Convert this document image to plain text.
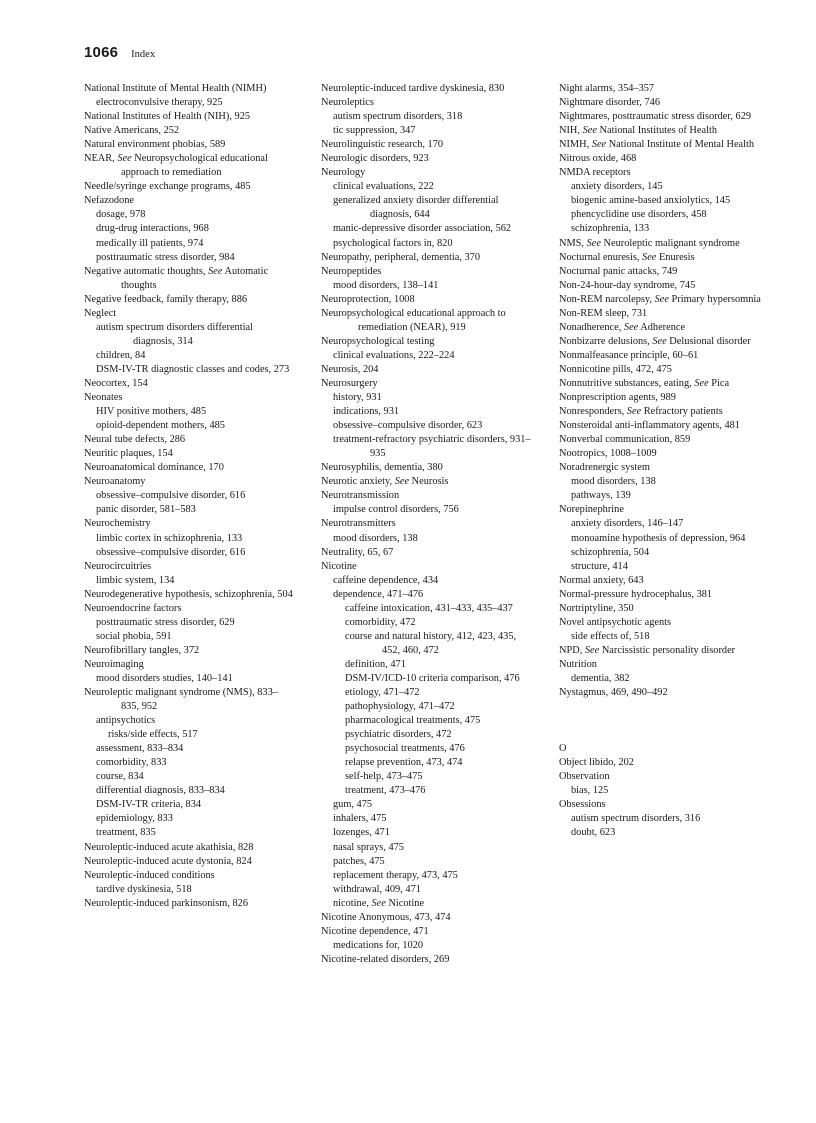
1066 Index
National Institute of Mental Health (NIMH)
electroconvulsive therapy, 925
National Institutes of Health (NIH), 925
Native Americans, 252
Natural environment phobias, 589
NEAR, See Neuropsychological educational approach to remediation
Needle/syringe exchange programs, 485
Nefazodone
dosage, 978
drug-drug interactions, 968
medically ill patients, 974
posttraumatic stress disorder, 984
Negative automatic thoughts, See Automatic thoughts
Negative feedback, family therapy, 886
Neglect
autism spectrum disorders differential diagnosis, 314
children, 84
DSM-IV-TR diagnostic classes and codes, 273
Neocortex, 154
Neonates
HIV positive mothers, 485
opioid-dependent mothers, 485
Neural tube defects, 286
Neuritic plaques, 154
Neuroanatomical dominance, 170
Neuroanatomy
obsessive–compulsive disorder, 616
panic disorder, 581–583
Neurochemistry
limbic cortex in schizophrenia, 133
obsessive–compulsive disorder, 616
Neurocircuitries
limbic system, 134
Neurodegenerative hypothesis, schizophrenia, 504
Neuroendocrine factors
posttraumatic stress disorder, 629
social phobia, 591
Neurofibrillary tangles, 372
Neuroimaging
mood disorders studies, 140–141
Neuroleptic malignant syndrome (NMS), 833–835, 952
antipsychotics
risks/side effects, 517
assessment, 833–834
comorbidity, 833
course, 834
differential diagnosis, 833–834
DSM-IV-TR criteria, 834
epidemiology, 833
treatment, 835
Neuroleptic-induced acute akathisia, 828
Neuroleptic-induced acute dystonia, 824
Neuroleptic-induced conditions
tardive dyskinesia, 518
Neuroleptic-induced parkinsonism, 826
Neuroleptic-induced tardive dyskinesia, 830
Neuroleptics
autism spectrum disorders, 318
tic suppression, 347
Neurolinguistic research, 170
Neurologic disorders, 923
Neurology
clinical evaluations, 222
generalized anxiety disorder differential diagnosis, 644
manic-depressive disorder association, 562
psychological factors in, 820
Neuropathy, peripheral, dementia, 370
Neuropeptides
mood disorders, 138–141
Neuroprotection, 1008
Neuropsychological educational approach to remediation (NEAR), 919
Neuropsychological testing
clinical evaluations, 222–224
Neurosis, 204
Neurosurgery
history, 931
indications, 931
obsessive–compulsive disorder, 623
treatment-refractory psychiatric disorders, 931–935
Neurosyphilis, dementia, 380
Neurotic anxiety, See Neurosis
Neurotransmission
impulse control disorders, 756
Neurotransmitters
mood disorders, 138
Neutrality, 65, 67
Nicotine
caffeine dependence, 434
dependence, 471–476
caffeine intoxication, 431–433, 435–437
comorbidity, 472
course and natural history, 412, 423, 435, 452, 460, 472
definition, 471
DSM-IV/ICD-10 criteria comparison, 476
etiology, 471–472
pathophysiology, 471–472
pharmacological treatments, 475
psychiatric disorders, 472
psychosocial treatments, 476
relapse prevention, 473, 474
self-help, 473–475
treatment, 473–476
gum, 475
inhalers, 475
lozenges, 471
nasal sprays, 475
patches, 475
replacement therapy, 473, 475
withdrawal, 409, 471
nicotine, See Nicotine
Nicotine Anonymous, 473, 474
Nicotine dependence, 471
medications for, 1020
Nicotine-related disorders, 269
Night alarms, 354–357
Nightmare disorder, 746
Nightmares, posttraumatic stress disorder, 629
NIH, See National Institutes of Health
NIMH, See National Institute of Mental Health
Nitrous oxide, 468
NMDA receptors
anxiety disorders, 145
biogenic amine-based anxiolytics, 145
phencyclidine use disorders, 458
schizophrenia, 133
NMS, See Neuroleptic malignant syndrome
Nocturnal enuresis, See Enuresis
Nocturnal panic attacks, 749
Non-24-hour-day syndrome, 745
Non-REM narcolepsy, See Primary hypersomnia
Non-REM sleep, 731
Nonadherence, See Adherence
Nonbizarre delusions, See Delusional disorder
Nonmalfeasance principle, 60–61
Nonnicotine pills, 472, 475
Nonnutritive substances, eating, See Pica
Nonprescription agents, 989
Nonresponders, See Refractory patients
Nonsteroidal anti-inflammatory agents, 481
Nonverbal communication, 859
Nootropics, 1008–1009
Noradrenergic system
mood disorders, 138
pathways, 139
Norepinephrine
anxiety disorders, 146–147
monoamine hypothesis of depression, 964
schizophrenia, 504
structure, 414
Normal anxiety, 643
Normal-pressure hydrocephalus, 381
Nortriptyline, 350
Novel antipsychotic agents
side effects of, 518
NPD, See Narcissistic personality disorder
Nutrition
dementia, 382
Nystagmus, 469, 490–492
O
Object libido, 202
Observation
bias, 125
Obsessions
autism spectrum disorders, 316
doubt, 623
